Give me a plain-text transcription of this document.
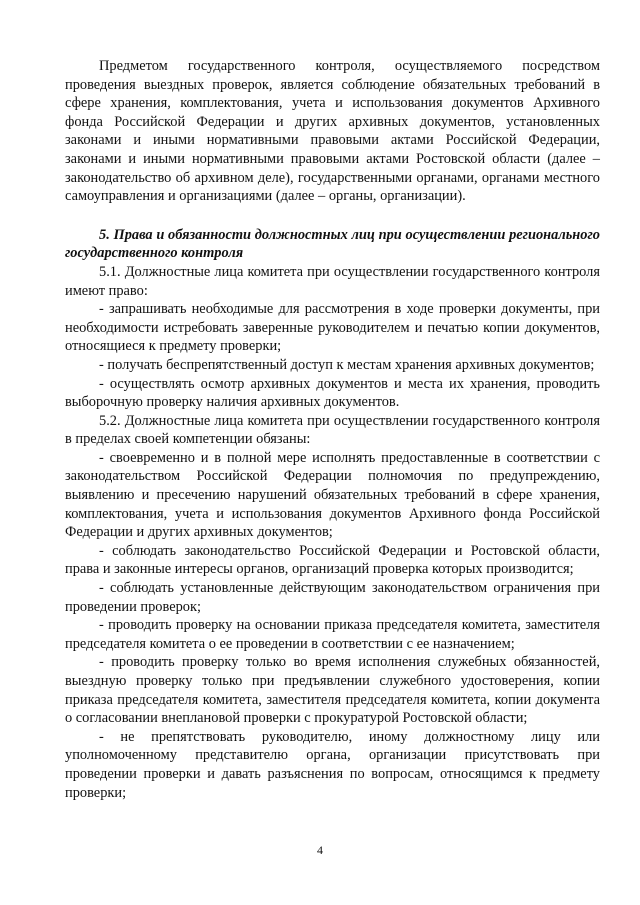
Предметом государственного контроля, осуществляемого посредством проведения выездных проверок, является соблюдение обязательных требований в сфере хранения, комплектования, учета и использования документов Архивного фонда Российской Федерации и других архивных документов, установленных законами и иными нормативными правовыми актами Российской Федерации, законами и иными нормативными правовыми актами Ростовской области (далее – законодательство об архивном деле), государственными органами, органами местного самоуправления и организациями (далее – органы, организации).

5. Права и обязанности должностных лиц при осуществлении регионального государственного контроля

5.1. Должностные лица комитета при осуществлении государственного контроля имеют право:

- запрашивать необходимые для рассмотрения в ходе проверки документы, при необходимости истребовать заверенные руководителем и печатью копии документов, относящиеся к предмету проверки;

- получать беспрепятственный доступ к местам хранения архивных документов;

- осуществлять осмотр архивных документов и места их хранения, проводить выборочную проверку наличия архивных документов.

5.2. Должностные лица комитета при осуществлении государственного контроля в пределах своей компетенции обязаны:

- своевременно и в полной мере исполнять предоставленные в соответствии с законодательством Российской Федерации полномочия по предупреждению, выявлению и пресечению нарушений обязательных требований в сфере хранения, комплектования, учета и использования документов Архивного фонда Российской Федерации и других архивных документов;

- соблюдать законодательство Российской Федерации и Ростовской области, права и законные интересы органов, организаций проверка которых производится;

- соблюдать установленные действующим законодательством ограничения при проведении проверок;

- проводить проверку на основании приказа председателя комитета, заместителя председателя комитета о ее проведении в соответствии с ее назначением;

- проводить проверку только во время исполнения служебных обязанностей, выездную проверку только при предъявлении служебного удостоверения, копии приказа председателя комитета, заместителя председателя комитета, копии документа о согласовании внеплановой проверки с прокуратурой Ростовской области;

- не препятствовать руководителю, иному должностному лицу или уполномоченному представителю органа, организации присутствовать при проведении проверки и давать разъяснения по вопросам, относящимся к предмету проверки;

4
